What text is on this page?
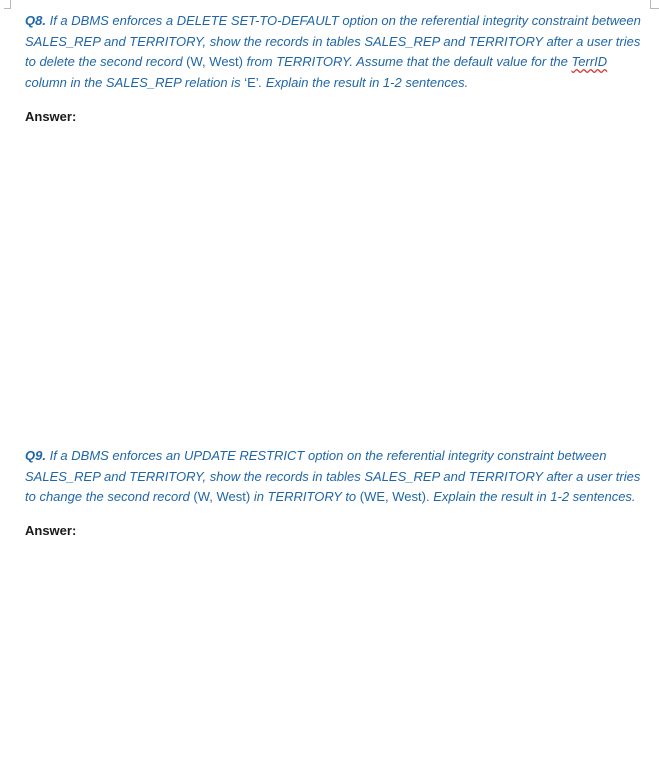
Q8. If a DBMS enforces a DELETE SET-TO-DEFAULT option on the referential integrity constraint between SALES_REP and TERRITORY, show the records in tables SALES_REP and TERRITORY after a user tries to delete the second record (W, West) from TERRITORY. Assume that the default value for the TerrID column in the SALES_REP relation is ‘E’. Explain the result in 1-2 sentences.
Answer:
Q9. If a DBMS enforces an UPDATE RESTRICT option on the referential integrity constraint between SALES_REP and TERRITORY, show the records in tables SALES_REP and TERRITORY after a user tries to change the second record (W, West) in TERRITORY to (WE, West). Explain the result in 1-2 sentences.
Answer:
